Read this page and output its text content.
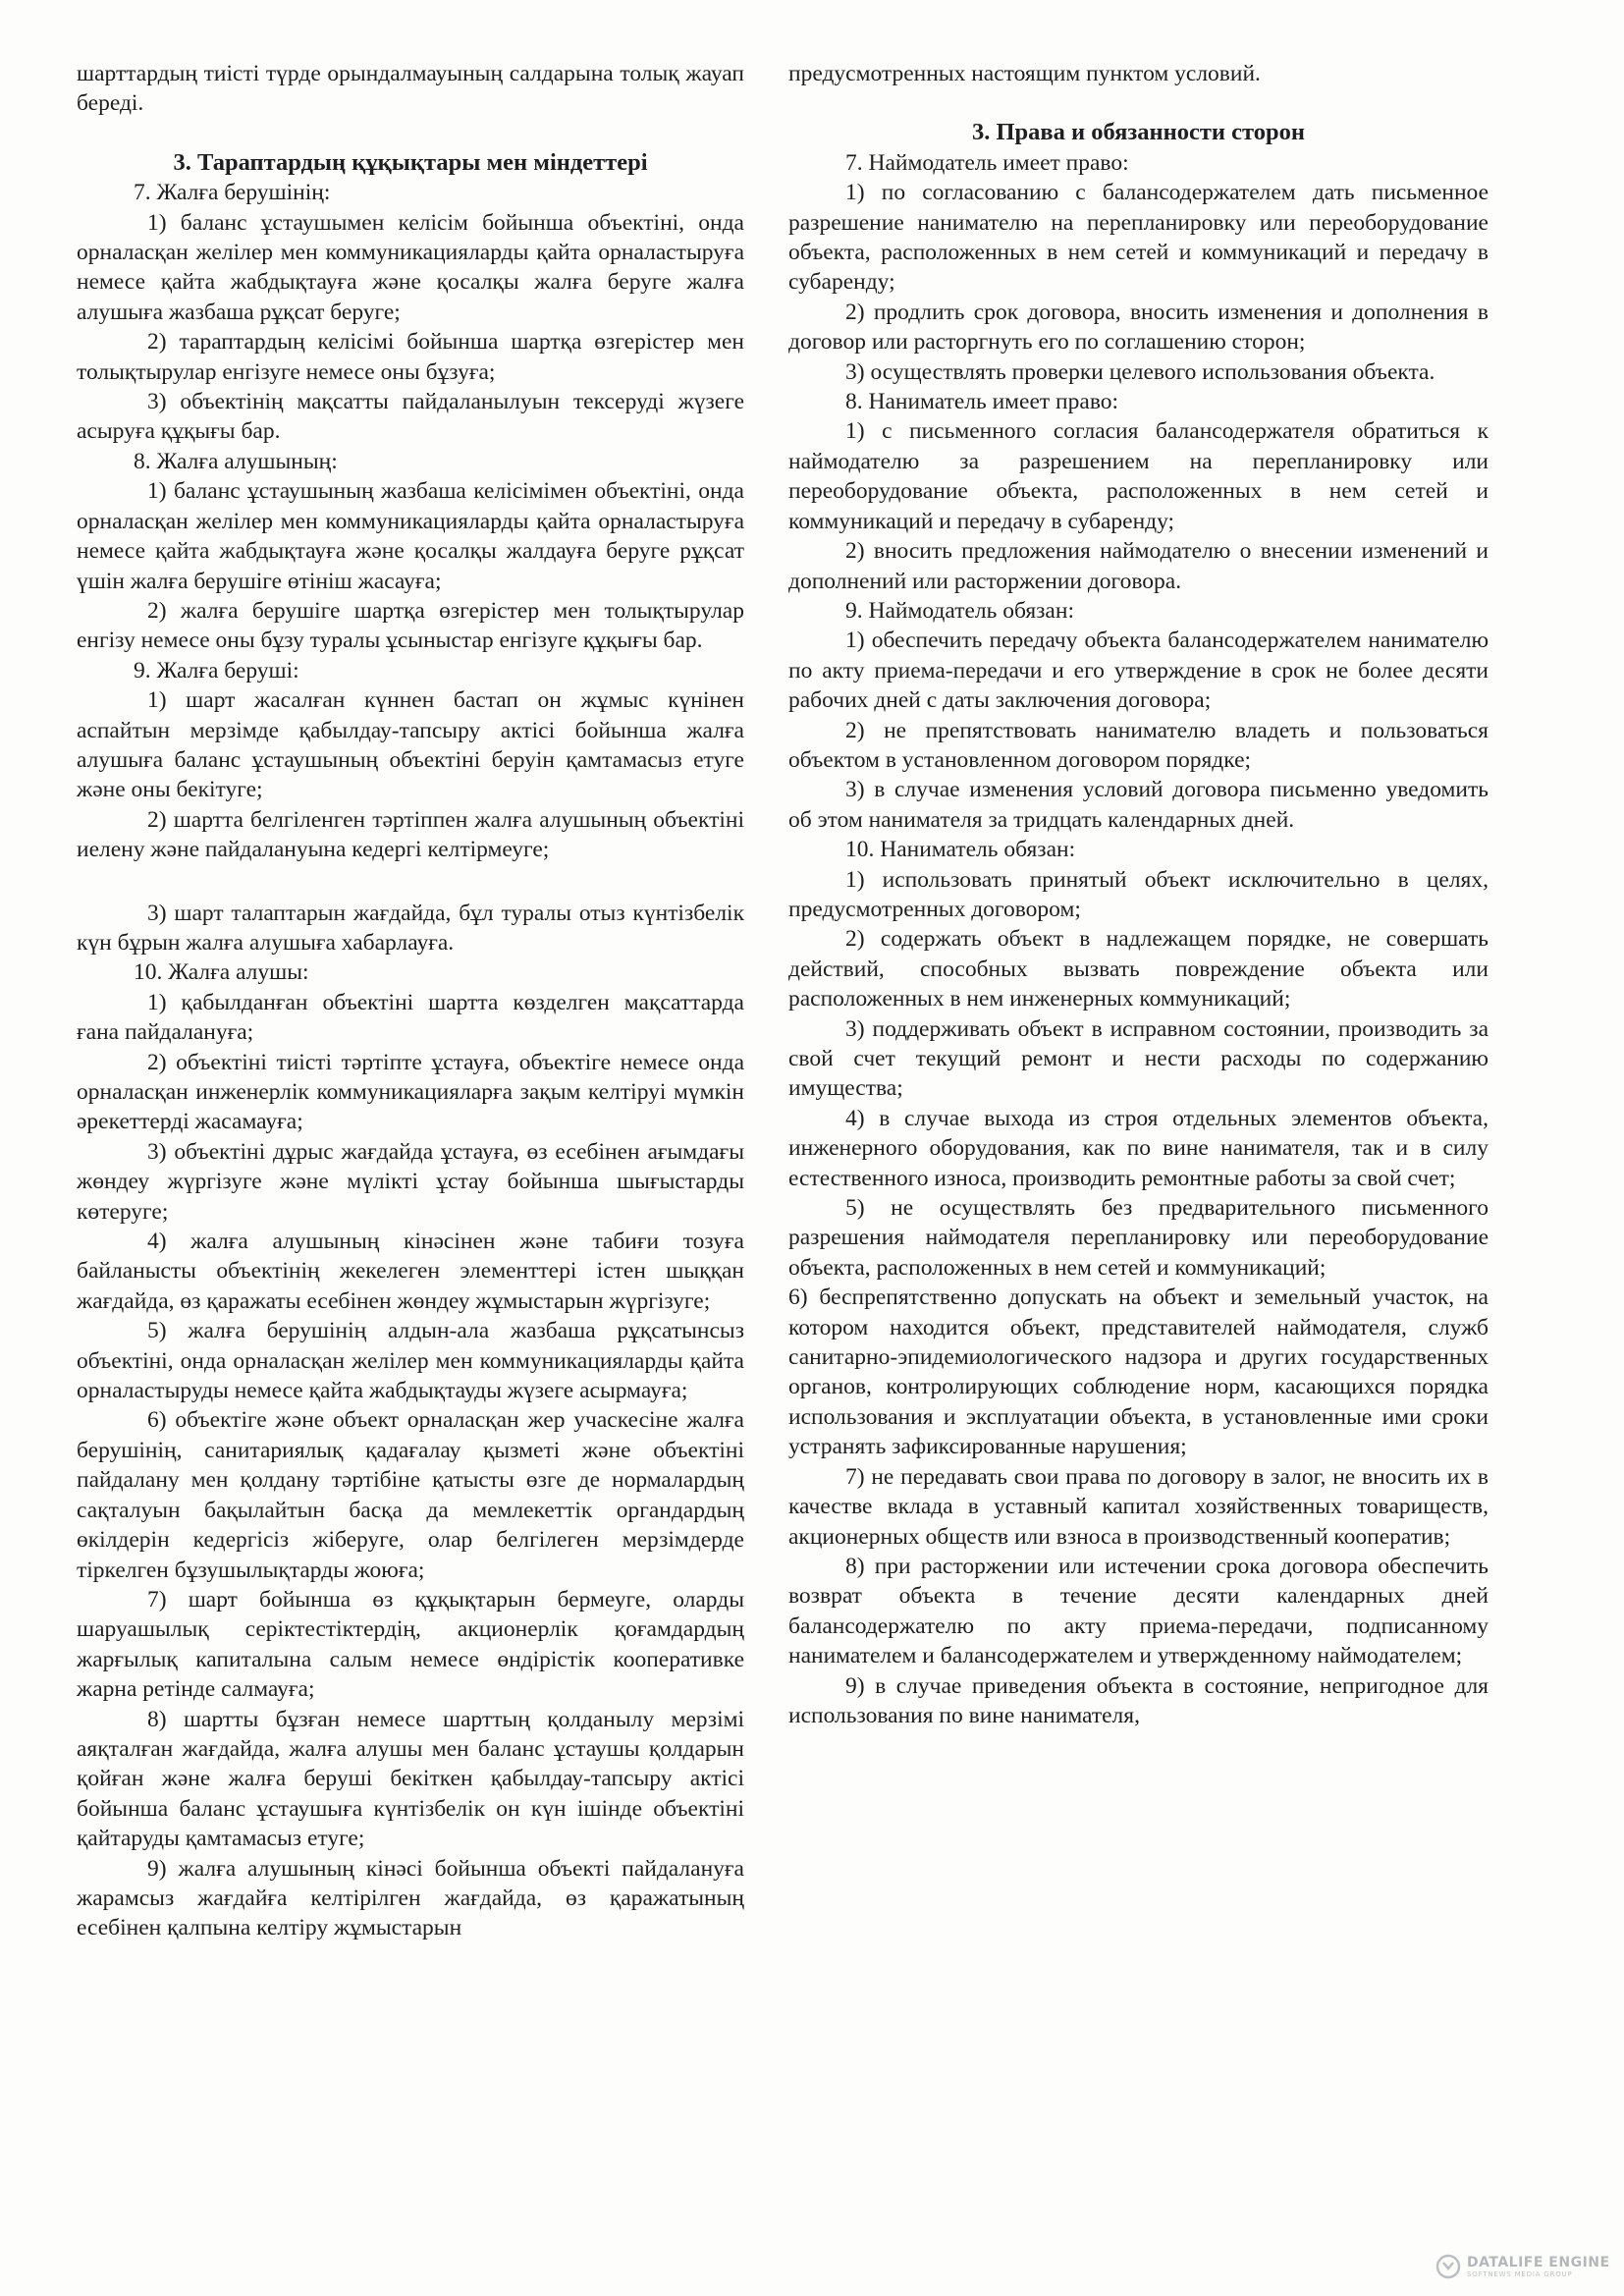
шарттардың тиісті түрде орындалмауының салдарына толық жауап береді.

3. Тараптардың құқықтары мен міндеттері

7. Жалға берушінің:

1) баланс ұстаушымен келісім бойынша объектіні, онда орналасқан желілер мен коммуникацияларды қайта орналастыруға немесе қайта жабдықтауға және қосалқы жалға беруге жалға алушыға жазбаша рұқсат беруге;

2) тараптардың келісімі бойынша шартқа өзгерістер мен толықтырулар енгізуге немесе оны бұзуға;

3) объектінің мақсатты пайдаланылуын тексеруді жүзеге асыруға құқығы бар.

8. Жалға алушының:

1) баланс ұстаушының жазбаша келісімімен объектіні, онда орналасқан желілер мен коммуникацияларды қайта орналастыруға немесе қайта жабдықтауға және қосалқы жалдауға беруге рұқсат үшін жалға берушіге өтініш жасауға;

2) жалға берушіге шартқа өзгерістер мен толықтырулар енгізу немесе оны бұзу туралы ұсыныстар енгізуге құқығы бар.

9. Жалға беруші:

1) шарт жасалған күннен бастап он жұмыс күнінен аспайтын мерзімде қабылдау-тапсыру актісі бойынша жалға алушыға баланс ұстаушының объектіні беруін қамтамасыз етуге және оны бекітуге;

2) шартта белгіленген тәртіппен жалға алушының объектіні иелену және пайдалануына кедергі келтірмеуге;

3) шарт талаптарын жағдайда, бұл туралы отыз күнтізбелік күн бұрын жалға алушыға хабарлауға.

10. Жалға алушы:

1) қабылданған объектіні шартта көзделген мақсаттарда ғана пайдалануға;

2) объектіні тиісті тәртіпте ұстауға, объектіге немесе онда орналасқан инженерлік коммуникацияларға зақым келтіруі мүмкін әрекеттерді жасамауға;

3) объектіні дұрыс жағдайда ұстауға, өз есебінен ағымдағы жөндеу жүргізуге және мүлікті ұстау бойынша шығыстарды көтеруге;

4) жалға алушының кінәсінен және табиғи тозуға байланысты объектінің жекелеген элементтері істен шыққан жағдайда, өз қаражаты есебінен жөндеу жұмыстарын жүргізуге;

5) жалға берушінің алдын-ала жазбаша рұқсатынсыз объектіні, онда орналасқан желілер мен коммуникацияларды қайта орналастыруды немесе қайта жабдықтауды жүзеге асырмауға;

6) объектіге және объект орналасқан жер учаскесіне жалға берушінің, санитариялық қадағалау қызметі және объектіні пайдалану мен қолдану тәртібіне қатысты өзге де нормалардың сақталуын бақылайтын басқа да мемлекеттік органдардың өкілдерін кедергісіз жіберуге, олар белгілеген мерзімдерде тіркелген бұзушылықтарды жоюға;

7) шарт бойынша өз құқықтарын бермеуге, оларды шаруашылық серіктестіктердің, акционерлік қоғамдардың жарғылық капиталына салым немесе өндірістік кооперативке жарна ретінде салмауға;

8) шартты бұзған немесе шарттың қолданылу мерзімі аяқталған жағдайда, жалға алушы мен баланс ұстаушы қолдарын қойған және жалға беруші бекіткен қабылдау-тапсыру актісі бойынша баланс ұстаушыға күнтізбелік он күн ішінде объектіні қайтаруды қамтамасыз етуге;

9) жалға алушының кінәсі бойынша объекті пайдалануға жарамсыз жағдайға келтірілген жағдайда, өз қаражатының есебінен қалпына келтіру жұмыстарын

предусмотренных настоящим пунктом условий.

3. Права и обязанности сторон

7. Наймодатель имеет право:

1) по согласованию с балансодержателем дать письменное разрешение нанимателю на перепланировку или переоборудование объекта, расположенных в нем сетей и коммуникаций и передачу в субаренду;

2) продлить срок договора, вносить изменения и дополнения в договор или расторгнуть его по соглашению сторон;

3) осуществлять проверки целевого использования объекта.

8. Наниматель имеет право:

1) с письменного согласия балансодержателя обратиться к наймодателю за разрешением на перепланировку или переоборудование объекта, расположенных в нем сетей и коммуникаций и передачу в субаренду;

2) вносить предложения наймодателю о внесении изменений и дополнений или расторжении договора.

9. Наймодатель обязан:

1) обеспечить передачу объекта балансодержателем нанимателю по акту приема-передачи и его утверждение в срок не более десяти рабочих дней с даты заключения договора;

2) не препятствовать нанимателю владеть и пользоваться объектом в установленном договором порядке;

3) в случае изменения условий договора письменно уведомить об этом нанимателя за тридцать календарных дней.

10. Наниматель обязан:

1) использовать принятый объект исключительно в целях, предусмотренных договором;

2) содержать объект в надлежащем порядке, не совершать действий, способных вызвать повреждение объекта или расположенных в нем инженерных коммуникаций;

3) поддерживать объект в исправном состоянии, производить за свой счет текущий ремонт и нести расходы по содержанию имущества;

4) в случае выхода из строя отдельных элементов объекта, инженерного оборудования, как по вине нанимателя, так и в силу естественного износа, производить ремонтные работы за свой счет;

5) не осуществлять без предварительного письменного разрешения наймодателя перепланировку или переоборудование объекта, расположенных в нем сетей и коммуникаций;

6) беспрепятственно допускать на объект и земельный участок, на котором находится объект, представителей наймодателя, служб санитарно-эпидемиологического надзора и других государственных органов, контролирующих соблюдение норм, касающихся порядка использования и эксплуатации объекта, в установленные ими сроки устранять зафиксированные нарушения;

7) не передавать свои права по договору в залог, не вносить их в качестве вклада в уставный капитал хозяйственных товариществ, акционерных обществ или взноса в производственный кооператив;

8) при расторжении или истечении срока договора обеспечить возврат объекта в течение десяти календарных дней балансодержателю по акту приема-передачи, подписанному нанимателем и балансодержателем и утвержденному наймодателем;

9) в случае приведения объекта в состояние, непригодное для использования по вине нанимателя,

DATALIFE ENGINE
SOFTNEWS MEDIA GROUP
